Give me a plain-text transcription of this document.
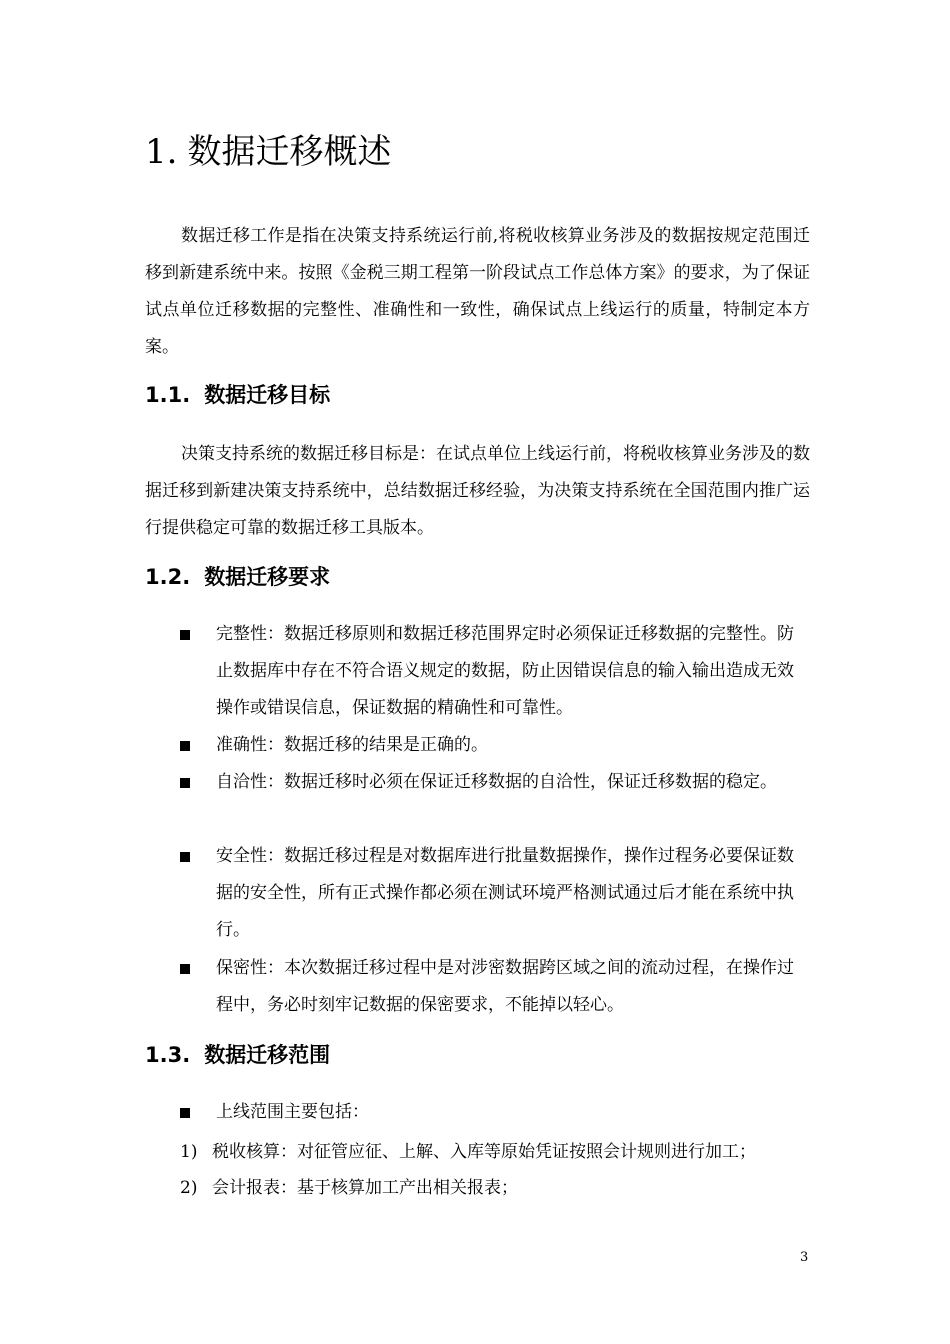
1. 数据迁移概述

数据迁移工作是指在决策支持系统运行前,将税收核算业务涉及的数据按规定范围迁移到新建系统中来。按照《金税三期工程第一阶段试点工作总体方案》的要求，为了保证试点单位迁移数据的完整性、准确性和一致性，确保试点上线运行的质量，特制定本方案。

1.1. 数据迁移目标

决策支持系统的数据迁移目标是：在试点单位上线运行前，将税收核算业务涉及的数据迁移到新建决策支持系统中，总结数据迁移经验，为决策支持系统在全国范围内推广运行提供稳定可靠的数据迁移工具版本。

1.2. 数据迁移要求
完整性：数据迁移原则和数据迁移范围界定时必须保证迁移数据的完整性。防止数据库中存在不符合语义规定的数据，防止因错误信息的输入输出造成无效操作或错误信息，保证数据的精确性和可靠性。
准确性：数据迁移的结果是正确的。
自洽性：数据迁移时必须在保证迁移数据的自洽性，保证迁移数据的稳定。
安全性：数据迁移过程是对数据库进行批量数据操作，操作过程务必要保证数据的安全性，所有正式操作都必须在测试环境严格测试通过后才能在系统中执行。
保密性：本次数据迁移过程中是对涉密数据跨区域之间的流动过程，在操作过程中，务必时刻牢记数据的保密要求，不能掉以轻心。
1.3. 数据迁移范围
上线范围主要包括：
1) 税收核算：对征管应征、上解、入库等原始凭证按照会计规则进行加工；
2) 会计报表：基于核算加工产出相关报表；
3
